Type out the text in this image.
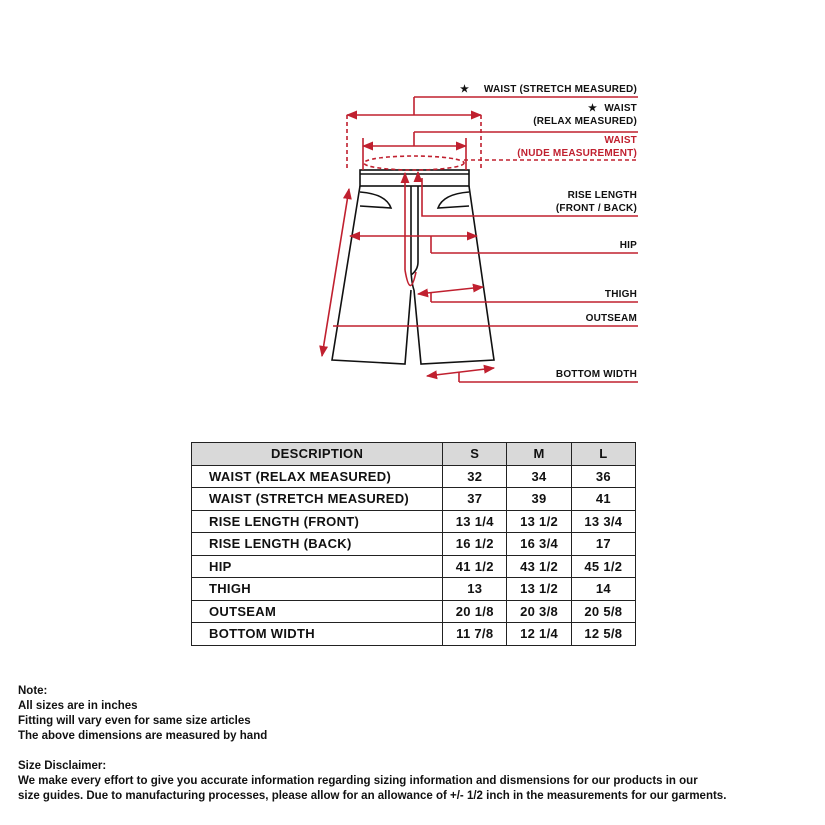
★ WAIST (STRETCH MEASURED)
★ WAIST
(RELAX MEASURED)
WAIST
(NUDE MEASUREMENT)
RISE LENGTH
(FRONT / BACK)
HIP
THIGH
OUTSEAM
BOTTOM WIDTH
DESCRIPTION	S	M	L
WAIST (RELAX MEASURED)	32	34	36
WAIST (STRETCH MEASURED)	37	39	41
RISE LENGTH (FRONT)	13 1/4	13 1/2	13 3/4
RISE LENGTH (BACK)	16 1/2	16 3/4	17
HIP	41 1/2	43 1/2	45 1/2
THIGH	13	13 1/2	14
OUTSEAM	20 1/8	20 3/8	20 5/8
BOTTOM WIDTH	11 7/8	12 1/4	12 5/8

Note:

All sizes are in inches

Fitting will vary even for same size articles

The above dimensions are measured by hand

Size Disclaimer:

We make every effort to give you accurate information regarding sizing information and dismensions for our products in our

size guides. Due to manufacturing processes, please allow for an allowance of +/- 1/2 inch in the measurements for our garments.
